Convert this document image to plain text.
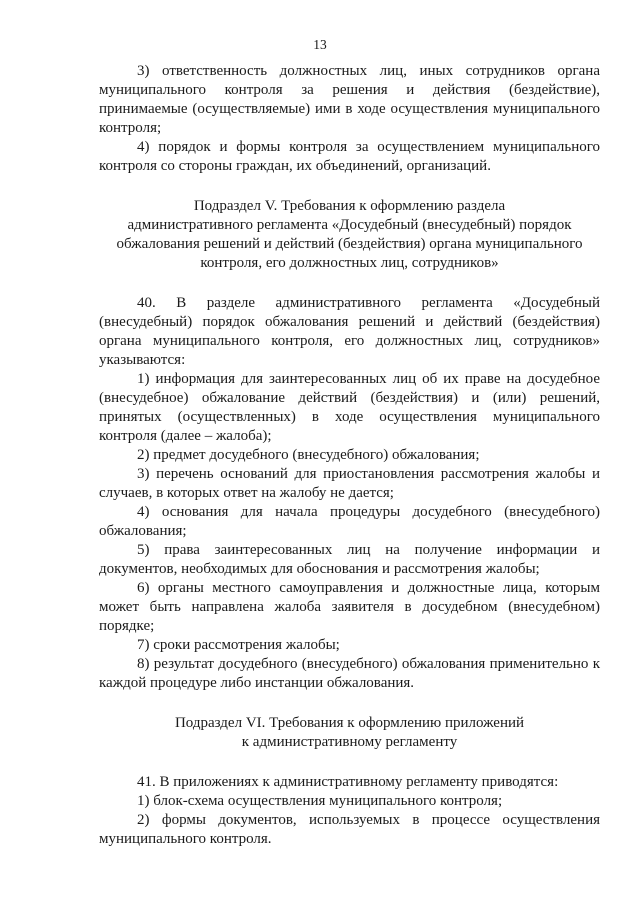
13

3) ответственность должностных лиц, иных сотрудников органа муниципального контроля за решения и действия (бездействие), принимаемые (осуществляемые) ими в ходе осуществления муниципального контроля;

4) порядок и формы контроля за осуществлением муниципального контроля со стороны граждан, их объединений, организаций.

Подраздел V. Требования к оформлению раздела

административного регламента «Досудебный (внесудебный) порядок

обжалования решений и действий (бездействия) органа муниципального

контроля, его должностных лиц, сотрудников»

40. В разделе административного регламента «Досудебный (внесудебный) порядок обжалования решений и действий (бездействия) органа муниципального контроля, его должностных лиц, сотрудников» указываются:

1) информация для заинтересованных лиц об их праве на досудебное (внесудебное) обжалование действий (бездействия) и (или) решений, принятых (осуществленных) в ходе осуществления муниципального контроля (далее – жалоба);

2) предмет досудебного (внесудебного) обжалования;

3) перечень оснований для приостановления рассмотрения жалобы и случаев, в которых ответ на жалобу не дается;

4) основания для начала процедуры досудебного (внесудебного) обжалования;

5) права заинтересованных лиц на получение информации и документов, необходимых для обоснования и рассмотрения жалобы;

6) органы местного самоуправления и должностные лица, которым может быть направлена жалоба заявителя в досудебном (внесудебном) порядке;

7) сроки рассмотрения жалобы;

8) результат досудебного (внесудебного) обжалования применительно к каждой процедуре либо инстанции обжалования.

Подраздел VI. Требования к оформлению приложений

к административному регламенту

41. В приложениях к административному регламенту приводятся:

1) блок-схема осуществления муниципального контроля;

2) формы документов, используемых в процессе осуществления муниципального контроля.
